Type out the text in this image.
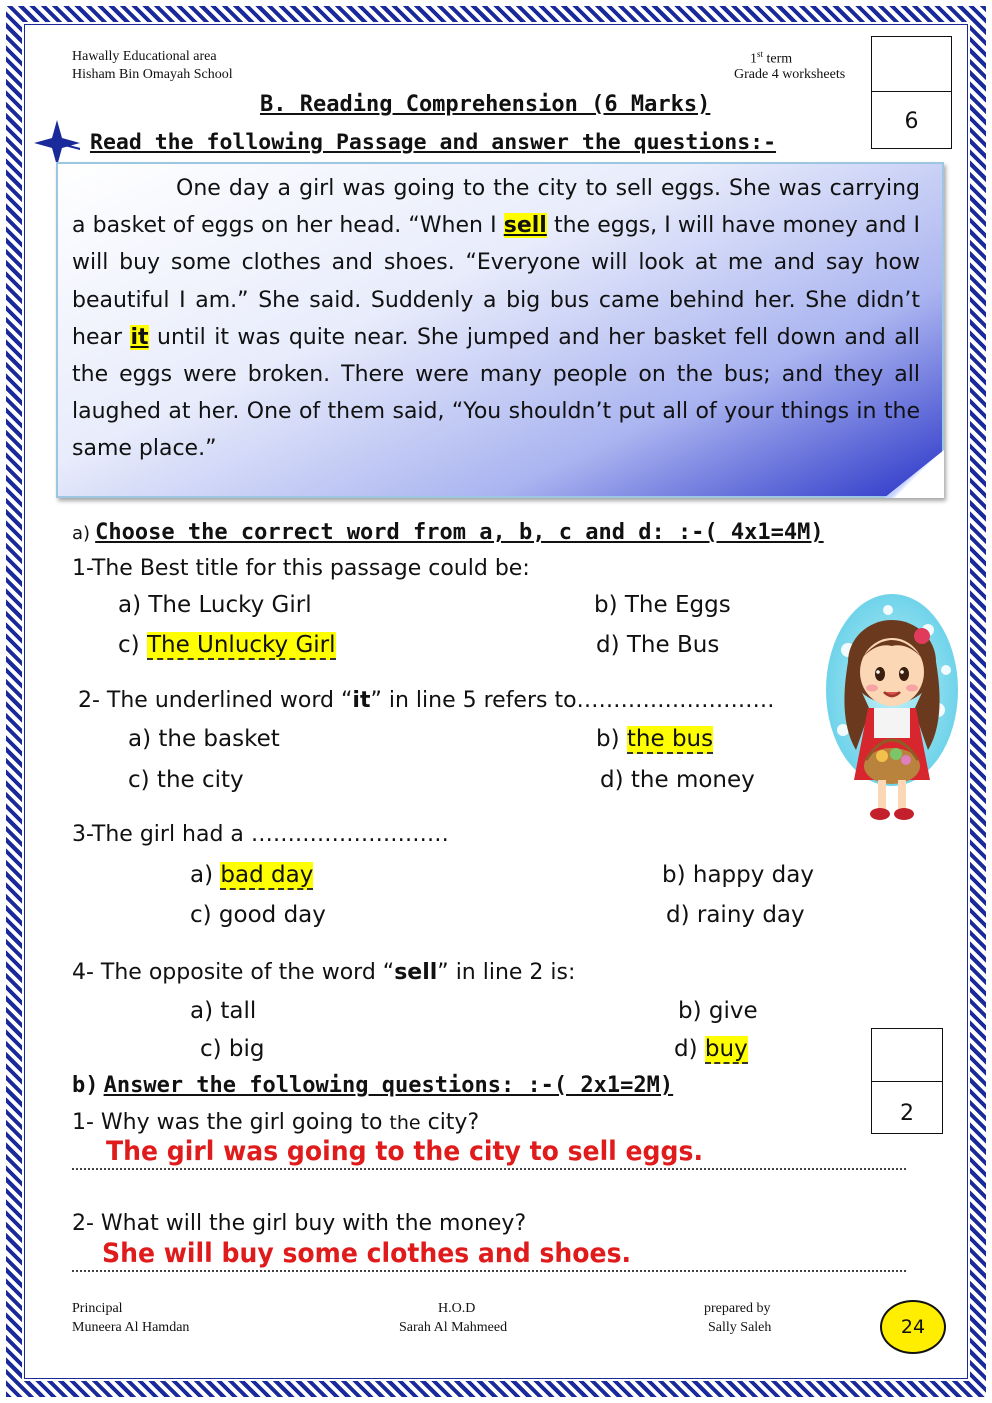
Hawally Educational area
Hisham Bin Omayah School
1st term
Grade 4 worksheets
6
B. Reading Comprehension (6 Marks)
Read the following Passage and answer the questions:-

One day a girl was going to the city to sell eggs. She was carrying a basket of eggs on her head. “When I sell the eggs, I will have money and I will buy some clothes and shoes. “Everyone will look at me and say how beautiful I am.” She said. Suddenly a big bus came behind her. She didn’t hear it until it was quite near. She jumped and her basket fell down and all the eggs were broken. There were many people on the bus; and they all laughed at her. One of them said, “You shouldn’t put all of your things in the same place.”

a) Choose the correct word from a, b, c and d: :-( 4x1=4M)
1-The Best title for this passage could be:
a) The Lucky Girl	b) The Eggs
c) The Unlucky Girl	d) The Bus
2- The underlined word “it” in line 5 refers to………………………
a) the basket	b) the bus
c) the city	d) the money
3-The girl had a ………………………
a) bad day	b) happy day
c) good day	d) rainy day
4- The opposite of the word “sell” in line 2 is:
a) tall	b) give
c) big	d) buy
2
b) Answer the following questions: :-( 2x1=2M)
1- Why was the girl going to the city?
The girl was going to the city to sell eggs.
2- What will the girl buy with the money?
She will buy some clothes and shoes.
Principal
Muneera Al Hamdan
H.O.D
Sarah Al Mahmeed
prepared by
Sally Saleh	24
